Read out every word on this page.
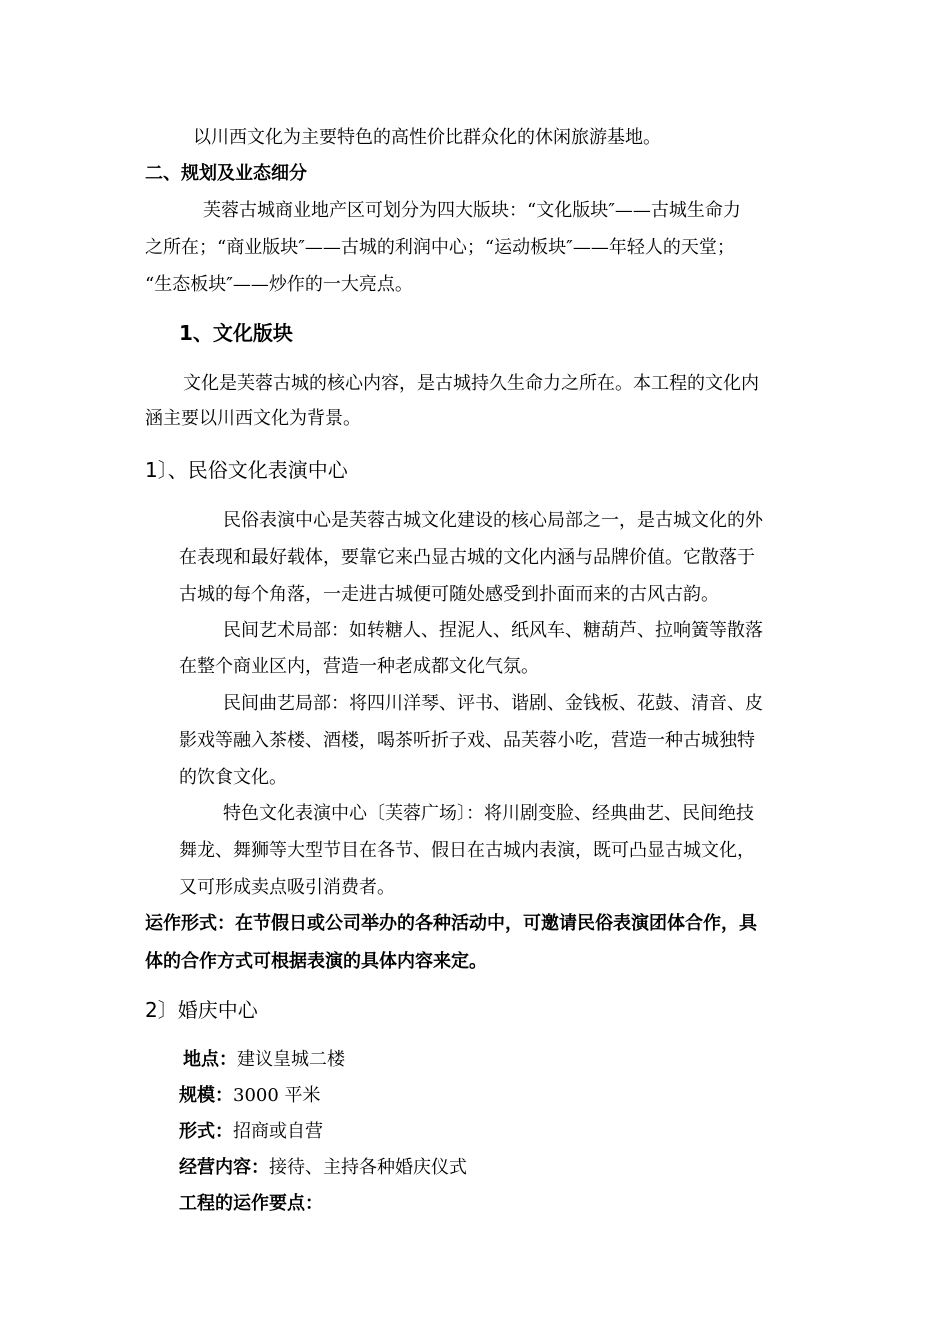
以川西文化为主要特色的高性价比群众化的休闲旅游基地。
二、规划及业态细分
芙蓉古城商业地产区可划分为四大版块：“文化版块″——古城生命力
之所在；“商业版块″——古城的利润中心；“运动板块″——年轻人的天堂；
“生态板块″——炒作的一大亮点。
1、文化版块
文化是芙蓉古城的核心内容，是古城持久生命力之所在。本工程的文化内
涵主要以川西文化为背景。
1〕、民俗文化表演中心
民俗表演中心是芙蓉古城文化建设的核心局部之一，是古城文化的外
在表现和最好载体，要靠它来凸显古城的文化内涵与品牌价值。它散落于
古城的每个角落，一走进古城便可随处感受到扑面而来的古风古韵。
民间艺术局部：如转糖人、捏泥人、纸风车、糖葫芦、拉响簧等散落
在整个商业区内，营造一种老成都文化气氛。
民间曲艺局部：将四川洋琴、评书、谐剧、金钱板、花鼓、清音、皮
影戏等融入茶楼、酒楼，喝茶听折子戏、品芙蓉小吃，营造一种古城独特
的饮食文化。
特色文化表演中心〔芙蓉广场〕：将川剧变脸、经典曲艺、民间绝技
舞龙、舞狮等大型节目在各节、假日在古城内表演，既可凸显古城文化，
又可形成卖点吸引消费者。
运作形式：在节假日或公司举办的各种活动中，可邀请民俗表演团体合作，具
体的合作方式可根据表演的具体内容来定。
2〕婚庆中心
地点：建议皇城二楼
规模：3000 平米
形式：招商或自营
经营内容：接待、主持各种婚庆仪式
工程的运作要点：
